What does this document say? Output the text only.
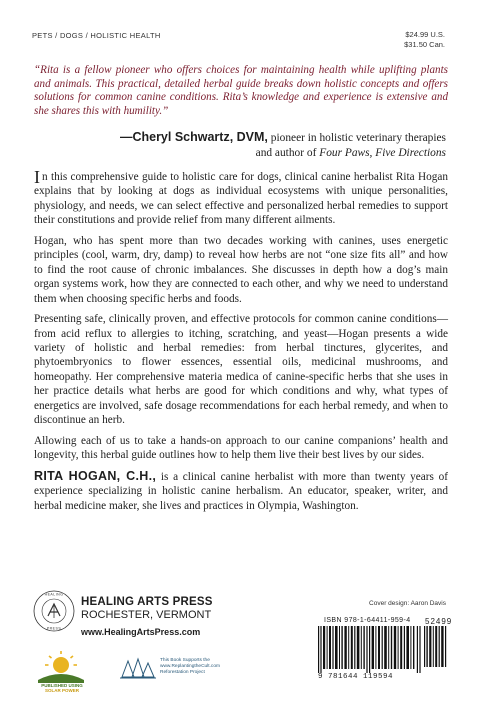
PETS / DOGS / HOLISTIC HEALTH	$24.99 U.S.
$31.50 Can.
“Rita is a fellow pioneer who offers choices for maintaining health while uplifting plants and animals. This practical, detailed herbal guide breaks down holistic concepts and offers solutions for common canine conditions. Rita’s knowledge and experience is extensive and she shares this with humility.”
—Cheryl Schwartz, DVM, pioneer in holistic veterinary therapies
and author of Four Paws, Five Directions

In this comprehensive guide to holistic care for dogs, clinical canine herbalist Rita Hogan explains that by looking at dogs as individual ecosystems with unique personalities, physiology, and needs, we can select effective and personalized herbal remedies to support their constitutions and provide relief from many different ailments.

Hogan, who has spent more than two decades working with canines, uses energetic principles (cool, warm, dry, damp) to reveal how herbs are not “one size fits all” and how to find the root cause of chronic imbalances. She discusses in depth how a dog’s main organ systems work, how they are connected to each other, and why we need to understand them when choosing specific herbs and foods.

Presenting safe, clinically proven, and effective protocols for common canine conditions—from acid reflux to allergies to itching, scratching, and yeast—Hogan presents a wide variety of holistic and herbal remedies: from herbal tinctures, glycerites, and phytoembryonics to flower essences, essential oils, medicinal mushrooms, and homeopathy. Her comprehensive materia medica of canine-specific herbs that she uses in her practice details what herbs are good for which conditions and why, what types of energetics are involved, safe dosage recommendations for each herbal remedy, and when to discontinue an herb.

Allowing each of us to take a hands-on approach to our canine companions’ health and longevity, this herbal guide outlines how to help them live their best lives by our sides.

RITA HOGAN, C.H., is a clinical canine herbalist with more than twenty years of experience specializing in holistic canine herbalism. An educator, speaker, writer, and herbal medicine maker, she lives and practices in Olympia, Washington.
HEALING
PRESS
HEALING ARTS PRESS
ROCHESTER, VERMONT
www.HealingArtsPress.com
Cover design: Aaron Davis
ISBN 978-1-64411-959-4 52499
9 781644 119594
PUBLISHED USING
SOLAR POWER
This Book Supports the
www.ReplantingtheCult.com
Reforestation Project
